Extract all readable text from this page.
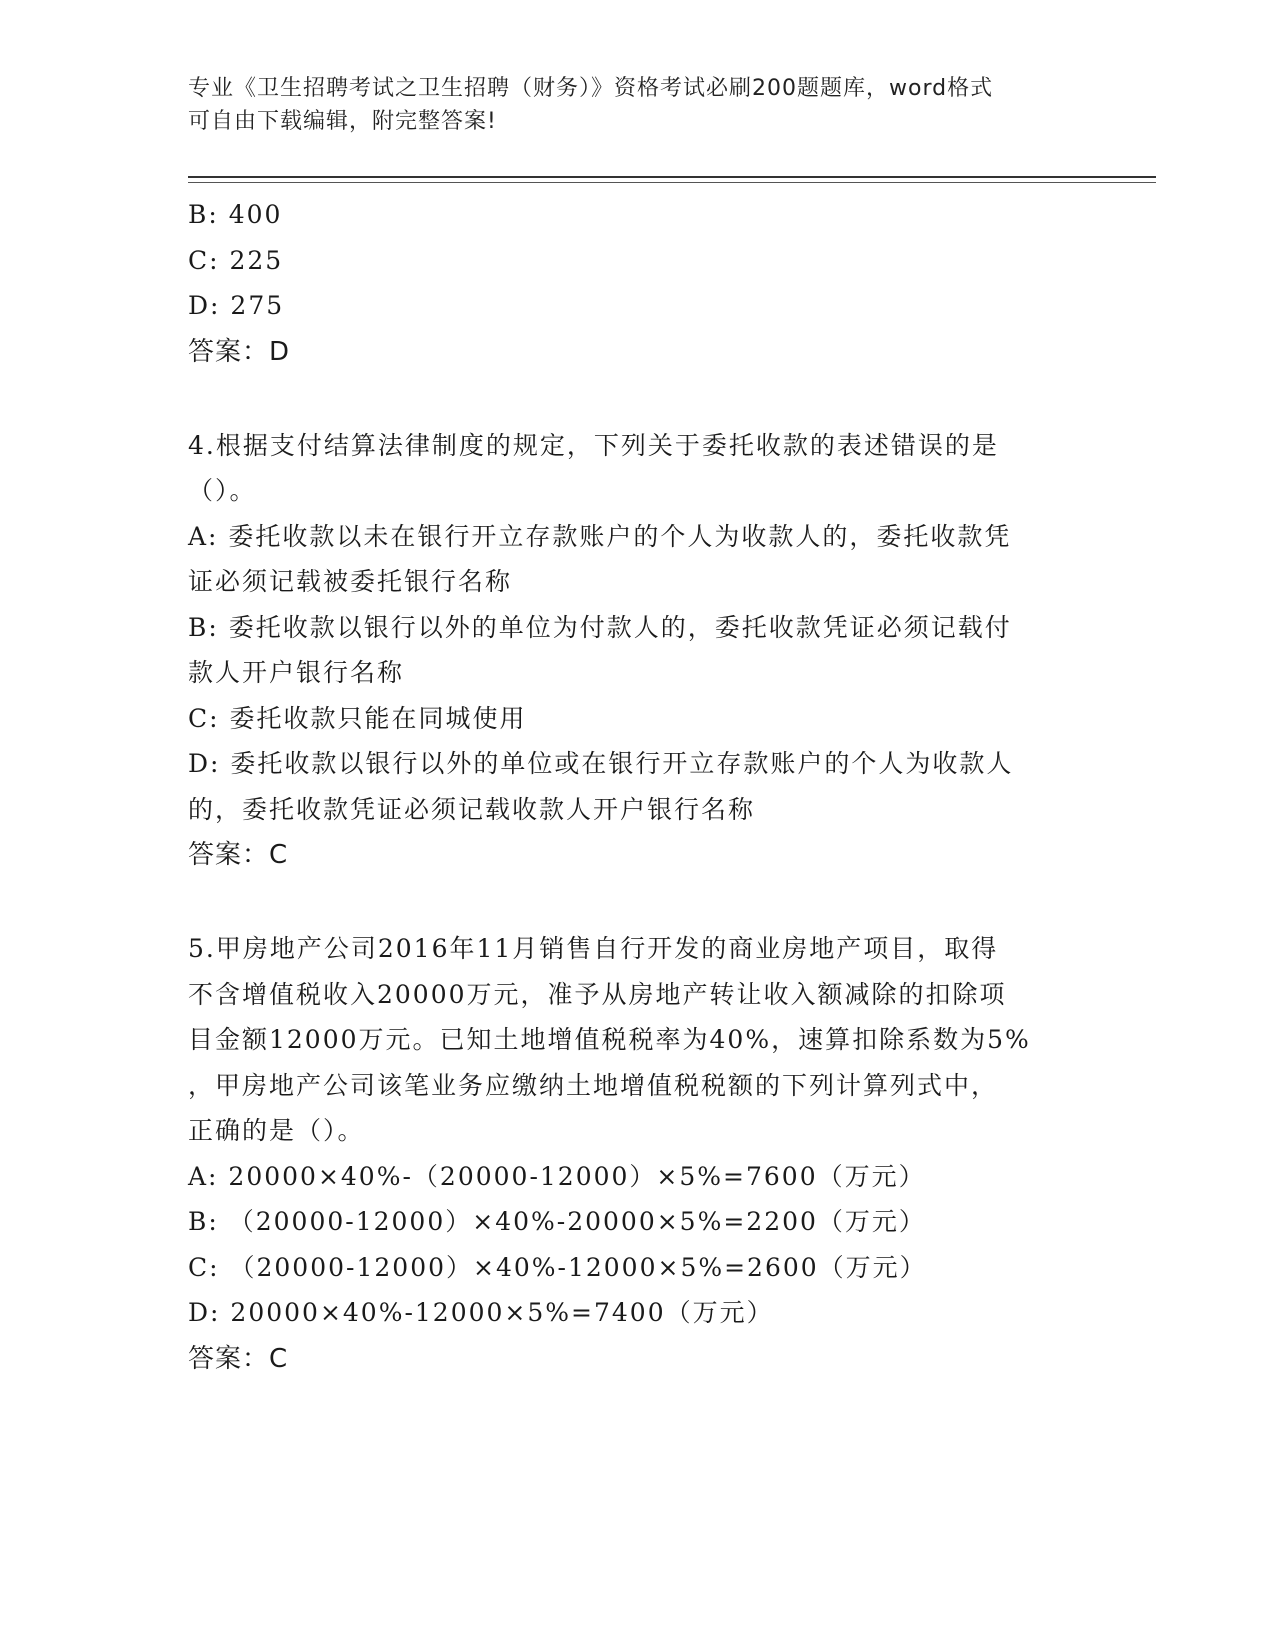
专业《卫生招聘考试之卫生招聘（财务）》资格考试必刷200题题库，word格式
可自由下载编辑，附完整答案!
B: 400
C: 225
D: 275
答案：D
4.根据支付结算法律制度的规定，下列关于委托收款的表述错误的是
（）。
A: 委托收款以未在银行开立存款账户的个人为收款人的，委托收款凭
证必须记载被委托银行名称
B: 委托收款以银行以外的单位为付款人的，委托收款凭证必须记载付
款人开户银行名称
C: 委托收款只能在同城使用
D: 委托收款以银行以外的单位或在银行开立存款账户的个人为收款人
的，委托收款凭证必须记载收款人开户银行名称
答案：C
5.甲房地产公司2016年11月销售自行开发的商业房地产项目，取得
不含增值税收入20000万元，准予从房地产转让收入额减除的扣除项
目金额12000万元。已知土地增值税税率为40%，速算扣除系数为5%
，甲房地产公司该笔业务应缴纳土地增值税税额的下列计算列式中，
正确的是（）。
A: 20000×40%-（20000-12000）×5%=7600（万元）
B: （20000-12000）×40%-20000×5%=2200（万元）
C: （20000-12000）×40%-12000×5%=2600（万元）
D: 20000×40%-12000×5%=7400（万元）
答案：C
